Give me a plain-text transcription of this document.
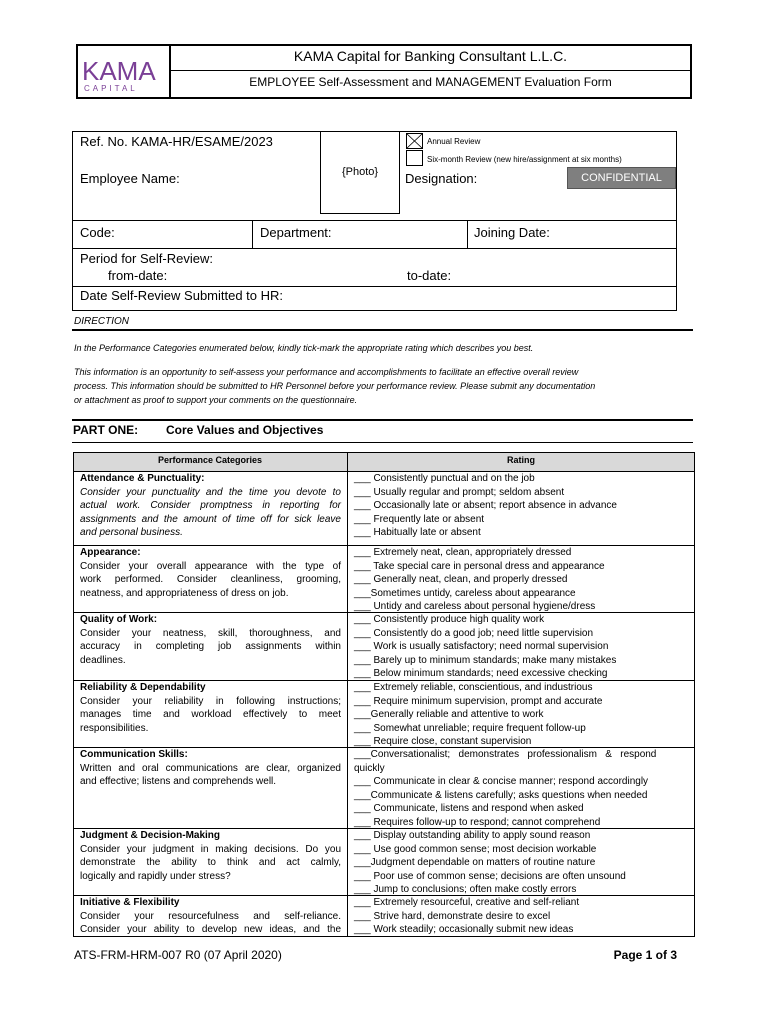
KAMA
CAPITAL
KAMA Capital for Banking Consultant L.L.C.
EMPLOYEE Self-Assessment and MANAGEMENT Evaluation Form
Ref. No. KAMA-HR/ESAME/2023
{Photo}
Annual Review
Six-month Review (new hire/assignment at six months)
Employee Name:	Designation:	CONFIDENTIAL
Code:	Department:	Joining Date:
Period for Self-Review:
from-date:	to-date:
Date Self-Review Submitted to HR:
DIRECTION
In the Performance Categories enumerated below, kindly tick-mark the appropriate rating which describes you best.
This information is an opportunity to self-assess your performance and accomplishments to facilitate an effective overall review
process. This information should be submitted to HR Personnel before your performance review. Please submit any documentation
or attachment as proof to support your comments on the questionnaire.
PART ONE: Core Values and Objectives
Performance Categories	Rating
Attendance & Punctuality:
Consider your punctuality and the time you devote to
actual work. Consider promptness in reporting for
assignments and the amount of time off for sick leave
and personal business.
___ Consistently punctual and on the job
___ Usually regular and prompt; seldom absent
___ Occasionally late or absent; report absence in advance
___ Frequently late or absent
___ Habitually late or absent
Appearance:
Consider your overall appearance with the type of
work performed. Consider cleanliness, grooming,
neatness, and appropriateness of dress on job.
___ Extremely neat, clean, appropriately dressed
___ Take special care in personal dress and appearance
___ Generally neat, clean, and properly dressed
___Sometimes untidy, careless about appearance
___ Untidy and careless about personal hygiene/dress
Quality of Work:
Consider your neatness, skill, thoroughness, and
accuracy in completing job assignments within
deadlines.
___ Consistently produce high quality work
___ Consistently do a good job; need little supervision
___ Work is usually satisfactory; need normal supervision
___ Barely up to minimum standards; make many mistakes
___ Below minimum standards; need excessive checking
Reliability & Dependability
Consider your reliability in following instructions;
manages time and workload effectively to meet
responsibilities.
___ Extremely reliable, conscientious, and industrious
___ Require minimum supervision, prompt and accurate
___Generally reliable and attentive to work
___ Somewhat unreliable; require frequent follow-up
___ Require close, constant supervision
Communication Skills:
Written and oral communications are clear, organized
and effective; listens and comprehends well.
___Conversationalist;   demonstrates   professionalism   &   respond
quickly
___ Communicate in clear & concise manner; respond accordingly
___Communicate & listens carefully; asks questions when needed
___ Communicate, listens and respond when asked
___ Requires follow-up to respond; cannot comprehend
Judgment & Decision-Making
Consider your judgment in making decisions. Do you
demonstrate the ability to think and act calmly,
logically and rapidly under stress?
___ Display outstanding ability to apply sound reason
___ Use good common sense; most decision workable
___Judgment dependable on matters of routine nature
___ Poor use of common sense; decisions are often unsound
___ Jump to conclusions; often make costly errors
Initiative & Flexibility
Consider your resourcefulness and self-reliance.
Consider your ability to develop new ideas, and the
___ Extremely resourceful, creative and self-reliant
___ Strive hard, demonstrate desire to excel
___ Work steadily; occasionally submit new ideas
ATS-FRM-HRM-007 R0 (07 April 2020)	Page 1 of 3
